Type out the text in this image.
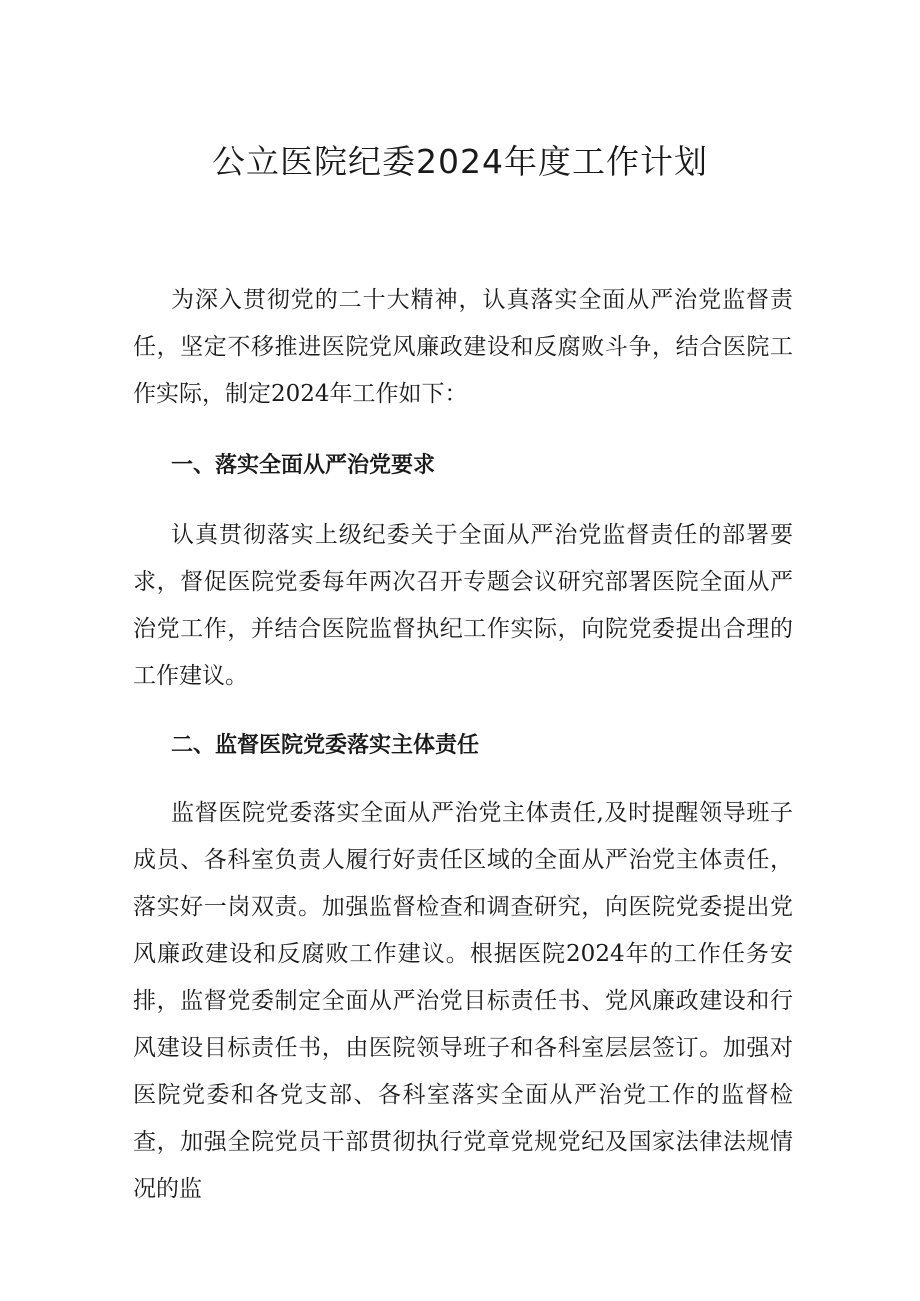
公立医院纪委2024年度工作计划

为深入贯彻党的二十大精神，认真落实全面从严治党监督责任，坚定不移推进医院党风廉政建设和反腐败斗争，结合医院工作实际，制定2024年工作如下：

一、落实全面从严治党要求

认真贯彻落实上级纪委关于全面从严治党监督责任的部署要求，督促医院党委每年两次召开专题会议研究部署医院全面从严治党工作，并结合医院监督执纪工作实际，向院党委提出合理的工作建议。

二、监督医院党委落实主体责任

监督医院党委落实全面从严治党主体责任,及时提醒领导班子成员、各科室负责人履行好责任区域的全面从严治党主体责任，落实好一岗双责。加强监督检查和调查研究，向医院党委提出党风廉政建设和反腐败工作建议。根据医院2024年的工作任务安排，监督党委制定全面从严治党目标责任书、党风廉政建设和行风建设目标责任书，由医院领导班子和各科室层层签订。加强对医院党委和各党支部、各科室落实全面从严治党工作的监督检查，加强全院党员干部贯彻执行党章党规党纪及国家法律法规情况的监
